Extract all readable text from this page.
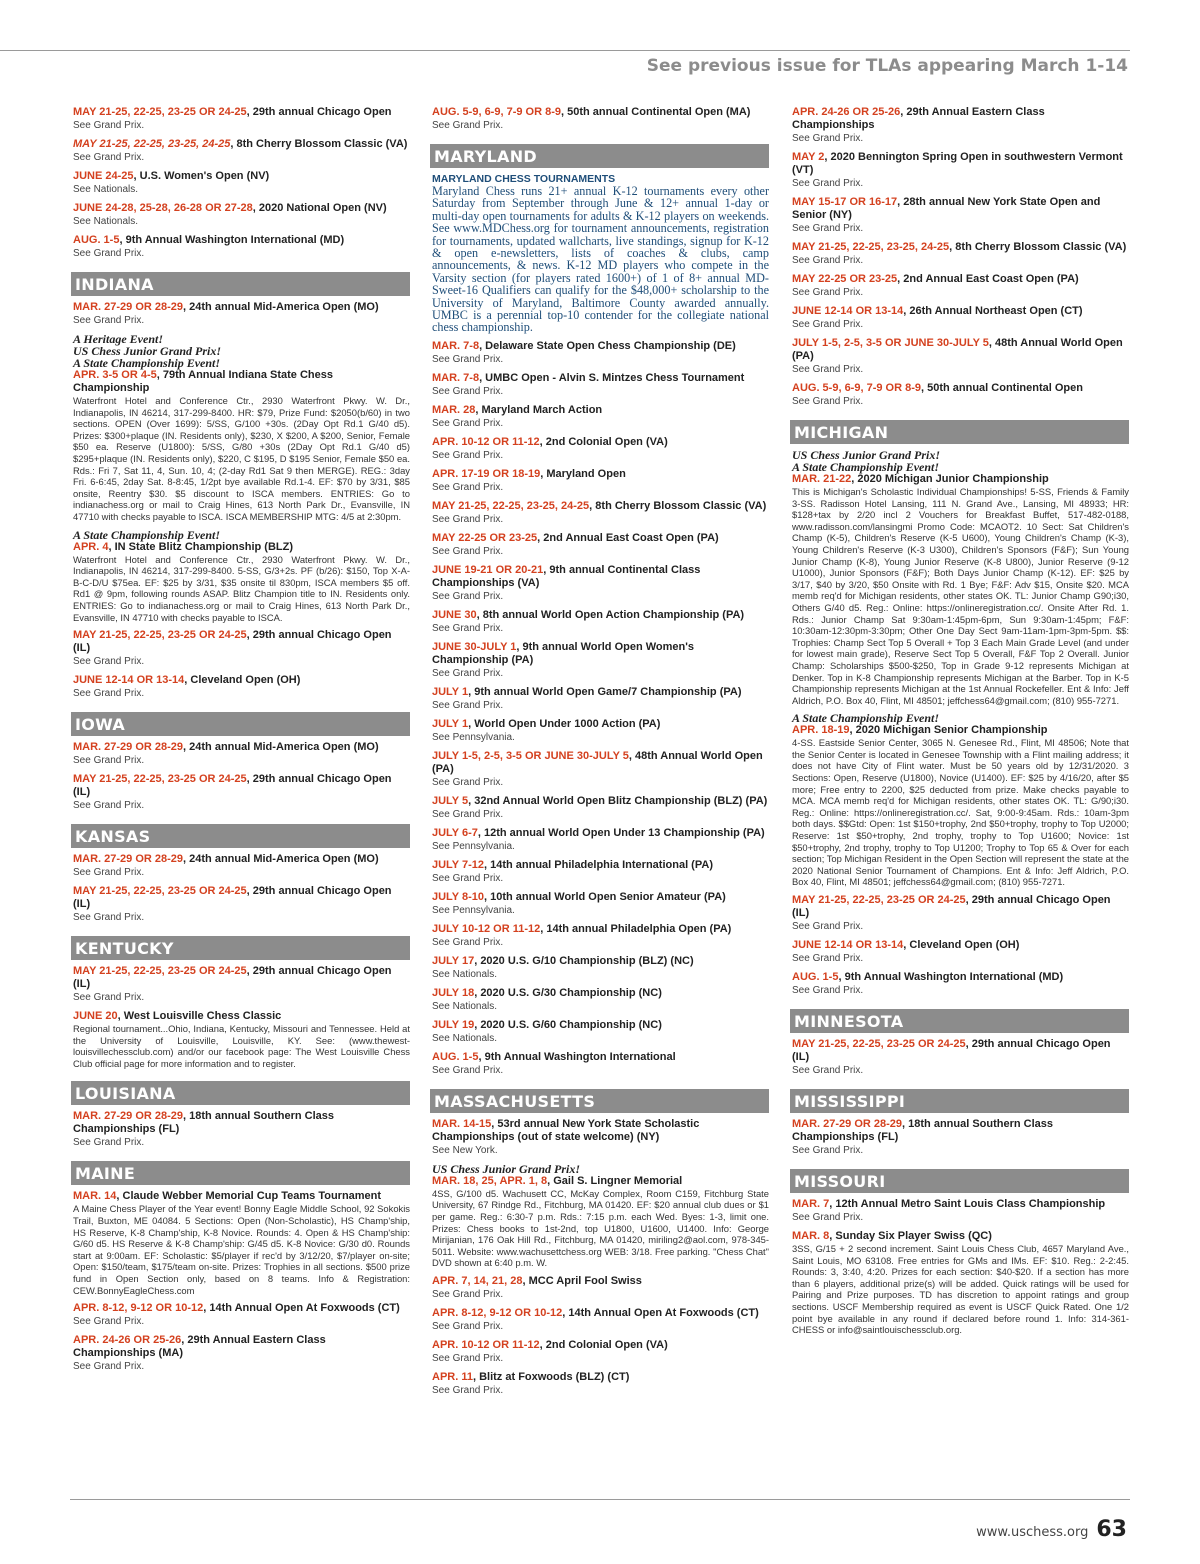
See previous issue for TLAs appearing March 1-14
MAY 21-25, 22-25, 23-25 OR 24-25, 29th annual Chicago Open
See Grand Prix.
MAY 21-25, 22-25, 23-25, 24-25, 8th Cherry Blossom Classic (VA)
See Grand Prix.
JUNE 24-25, U.S. Women's Open (NV)
See Nationals.
JUNE 24-28, 25-28, 26-28 OR 27-28, 2020 National Open (NV)
See Nationals.
AUG. 1-5, 9th Annual Washington International (MD)
See Grand Prix.
INDIANA
MAR. 27-29 OR 28-29, 24th annual Mid-America Open (MO)
See Grand Prix.
A Heritage Event!
US Chess Junior Grand Prix!
A State Championship Event!
APR. 3-5 OR 4-5, 79th Annual Indiana State Chess Championship
Waterfront Hotel and Conference Ctr., 2930 Waterfront Pkwy. W. Dr., Indianapolis, IN 46214, 317-299-8400. HR: $79, Prize Fund: $2050(b/60) in two sections. OPEN (Over 1699): 5/SS, G/100 +30s. (2Day Opt Rd.1 G/40 d5). Prizes: $300+plaque (IN. Residents only), $230, X $200, A $200, Senior, Female $50 ea. Reserve (U1800): 5/SS, G/80 +30s (2Day Opt Rd.1 G/40 d5) $295+plaque (IN. Residents only), $220, C $195, D $195 Senior, Female $50 ea. Rds.: Fri 7, Sat 11, 4, Sun. 10, 4; (2-day Rd1 Sat 9 then MERGE). REG.: 3day Fri. 6-6:45, 2day Sat. 8-8:45, 1/2pt bye available Rd.1-4. EF: $70 by 3/31, $85 onsite, Reentry $30. $5 discount to ISCA members. ENTRIES: Go to indianachess.org or mail to Craig Hines, 613 North Park Dr., Evansville, IN 47710 with checks payable to ISCA. ISCA MEMBERSHIP MTG: 4/5 at 2:30pm.
A State Championship Event!
APR. 4, IN State Blitz Championship (BLZ)
Waterfront Hotel and Conference Ctr., 2930 Waterfront Pkwy. W. Dr., Indianapolis, IN 46214, 317-299-8400. 5-SS, G/3+2s. PF (b/26): $150, Top X-A-B-C-D/U $75ea. EF: $25 by 3/31, $35 onsite til 830pm, ISCA members $5 off. Rd1 @ 9pm, following rounds ASAP. Blitz Champion title to IN. Residents only. ENTRIES: Go to indianachess.org or mail to Craig Hines, 613 North Park Dr., Evansville, IN 47710 with checks payable to ISCA.
MAY 21-25, 22-25, 23-25 OR 24-25, 29th annual Chicago Open (IL)
See Grand Prix.
JUNE 12-14 OR 13-14, Cleveland Open (OH)
See Grand Prix.
IOWA
MAR. 27-29 OR 28-29, 24th annual Mid-America Open (MO)
See Grand Prix.
MAY 21-25, 22-25, 23-25 OR 24-25, 29th annual Chicago Open (IL)
See Grand Prix.
KANSAS
MAR. 27-29 OR 28-29, 24th annual Mid-America Open (MO)
See Grand Prix.
MAY 21-25, 22-25, 23-25 OR 24-25, 29th annual Chicago Open (IL)
See Grand Prix.
KENTUCKY
MAY 21-25, 22-25, 23-25 OR 24-25, 29th annual Chicago Open (IL)
See Grand Prix.
JUNE 20, West Louisville Chess Classic
Regional tournament...Ohio, Indiana, Kentucky, Missouri and Tennessee. Held at the University of Louisville, Louisville, KY. See: (www.thewest-louisvillechessclub.com) and/or our facebook page: The West Louisville Chess Club official page for more information and to register.
LOUISIANA
MAR. 27-29 OR 28-29, 18th annual Southern Class Championships (FL)
See Grand Prix.
MAINE
MAR. 14, Claude Webber Memorial Cup Teams Tournament
A Maine Chess Player of the Year event! Bonny Eagle Middle School, 92 Sokokis Trail, Buxton, ME 04084. 5 Sections: Open (Non-Scholastic), HS Champ'ship, HS Reserve, K-8 Champ'ship, K-8 Novice. Rounds: 4. Open & HS Champ'ship: G/60 d5. HS Reserve & K-8 Champ'ship: G/45 d5. K-8 Novice: G/30 d0. Rounds start at 9:00am. EF: Scholastic: $5/player if rec'd by 3/12/20, $7/player on-site; Open: $150/team, $175/team on-site. Prizes: Trophies in all sections. $500 prize fund in Open Section only, based on 8 teams. Info & Registration: CEW.BonnyEagleChess.com
APR. 8-12, 9-12 OR 10-12, 14th Annual Open At Foxwoods (CT)
See Grand Prix.
APR. 24-26 OR 25-26, 29th Annual Eastern Class Championships (MA)
See Grand Prix.
AUG. 5-9, 6-9, 7-9 OR 8-9, 50th annual Continental Open (MA)
See Grand Prix.
MARYLAND
MARYLAND CHESS TOURNAMENTS
Maryland Chess runs 21+ annual K-12 tournaments every other Saturday from September through June & 12+ annual 1-day or multi-day open tournaments for adults & K-12 players on weekends. See www.MDChess.org for tournament announcements, registration for tournaments, updated wallcharts, live standings, signup for K-12 & open e-newsletters, lists of coaches & clubs, camp announcements, & news. K-12 MD players who compete in the Varsity section (for players rated 1600+) of 1 of 8+ annual MD-Sweet-16 Qualifiers can qualify for the $48,000+ scholarship to the University of Maryland, Baltimore County awarded annually. UMBC is a perennial top-10 contender for the collegiate national chess championship.
MAR. 7-8, Delaware State Open Chess Championship (DE)
See Grand Prix.
MAR. 7-8, UMBC Open - Alvin S. Mintzes Chess Tournament
See Grand Prix.
MAR. 28, Maryland March Action
See Grand Prix.
APR. 10-12 OR 11-12, 2nd Colonial Open (VA)
See Grand Prix.
APR. 17-19 OR 18-19, Maryland Open
See Grand Prix.
MAY 21-25, 22-25, 23-25, 24-25, 8th Cherry Blossom Classic (VA)
See Grand Prix.
MAY 22-25 OR 23-25, 2nd Annual East Coast Open (PA)
See Grand Prix.
JUNE 19-21 OR 20-21, 9th annual Continental Class Championships (VA)
See Grand Prix.
JUNE 30, 8th annual World Open Action Championship (PA)
See Grand Prix.
JUNE 30-JULY 1, 9th annual World Open Women's Championship (PA)
See Grand Prix.
JULY 1, 9th annual World Open Game/7 Championship (PA)
See Grand Prix.
JULY 1, World Open Under 1000 Action (PA)
See Pennsylvania.
JULY 1-5, 2-5, 3-5 OR JUNE 30-JULY 5, 48th Annual World Open (PA)
See Grand Prix.
JULY 5, 32nd Annual World Open Blitz Championship (BLZ) (PA)
See Grand Prix.
JULY 6-7, 12th annual World Open Under 13 Championship (PA)
See Pennsylvania.
JULY 7-12, 14th annual Philadelphia International (PA)
See Grand Prix.
JULY 8-10, 10th annual World Open Senior Amateur (PA)
See Pennsylvania.
JULY 10-12 OR 11-12, 14th annual Philadelphia Open (PA)
See Grand Prix.
JULY 17, 2020 U.S. G/10 Championship (BLZ) (NC)
See Nationals.
JULY 18, 2020 U.S. G/30 Championship (NC)
See Nationals.
JULY 19, 2020 U.S. G/60 Championship (NC)
See Nationals.
AUG. 1-5, 9th Annual Washington International
See Grand Prix.
MASSACHUSETTS
MAR. 14-15, 53rd annual New York State Scholastic Championships (out of state welcome) (NY)
See New York.
US Chess Junior Grand Prix!
MAR. 18, 25, APR. 1, 8, Gail S. Lingner Memorial
4SS, G/100 d5. Wachusett CC, McKay Complex, Room C159, Fitchburg State University, 67 Rindge Rd., Fitchburg, MA 01420. EF: $20 annual club dues or $1 per game. Reg.: 6:30-7 p.m. Rds.: 7:15 p.m. each Wed. Byes: 1-3, limit one. Prizes: Chess books to 1st-2nd, top U1800, U1600, U1400. Info: George Mirijanian, 176 Oak Hill Rd., Fitchburg, MA 01420, miriling2@aol.com, 978-345-5011. Website: www.wachusettchess.org WEB: 3/18. Free parking. "Chess Chat" DVD shown at 6:40 p.m. W.
APR. 7, 14, 21, 28, MCC April Fool Swiss
See Grand Prix.
APR. 8-12, 9-12 OR 10-12, 14th Annual Open At Foxwoods (CT)
See Grand Prix.
APR. 10-12 OR 11-12, 2nd Colonial Open (VA)
See Grand Prix.
APR. 11, Blitz at Foxwoods (BLZ) (CT)
See Grand Prix.
APR. 24-26 OR 25-26, 29th Annual Eastern Class Championships
See Grand Prix.
MAY 2, 2020 Bennington Spring Open in southwestern Vermont (VT)
See Grand Prix.
MAY 15-17 OR 16-17, 28th annual New York State Open and Senior (NY)
See Grand Prix.
MAY 21-25, 22-25, 23-25, 24-25, 8th Cherry Blossom Classic (VA)
See Grand Prix.
MAY 22-25 OR 23-25, 2nd Annual East Coast Open (PA)
See Grand Prix.
JUNE 12-14 OR 13-14, 26th Annual Northeast Open (CT)
See Grand Prix.
JULY 1-5, 2-5, 3-5 OR JUNE 30-JULY 5, 48th Annual World Open (PA)
See Grand Prix.
AUG. 5-9, 6-9, 7-9 OR 8-9, 50th annual Continental Open
See Grand Prix.
MICHIGAN
US Chess Junior Grand Prix!
A State Championship Event!
MAR. 21-22, 2020 Michigan Junior Championship
This is Michigan's Scholastic Individual Championships! 5-SS, Friends & Family 3-SS. Radisson Hotel Lansing, 111 N. Grand Ave., Lansing, MI 48933; HR: $128+tax by 2/20 incl 2 Vouchers for Breakfast Buffet, 517-482-0188, www.radisson.com/lansingmi Promo Code: MCAOT2. 10 Sect: Sat Children's Champ (K-5), Children's Reserve (K-5 U600), Young Children's Champ (K-3), Young Children's Reserve (K-3 U300), Children's Sponsors (F&F); Sun Young Junior Champ (K-8), Young Junior Reserve (K-8 U800), Junior Reserve (9-12 U1000), Junior Sponsors (F&F); Both Days Junior Champ (K-12). EF: $25 by 3/17, $40 by 3/20, $50 Onsite with Rd. 1 Bye; F&F: Adv $15, Onsite $20. MCA memb req'd for Michigan residents, other states OK. TL: Junior Champ G90;i30, Others G/40 d5. Reg.: Online: https://onlineregistration.cc/. Onsite After Rd. 1. Rds.: Junior Champ Sat 9:30am-1:45pm-6pm, Sun 9:30am-1:45pm; F&F: 10:30am-12:30pm-3:30pm; Other One Day Sect 9am-11am-1pm-3pm-5pm. $$: Trophies: Champ Sect Top 5 Overall + Top 3 Each Main Grade Level (and under for lowest main grade), Reserve Sect Top 5 Overall, F&F Top 2 Overall. Junior Champ: Scholarships $500-$250, Top in Grade 9-12 represents Michigan at Denker. Top in K-8 Championship represents Michigan at the Barber. Top in K-5 Championship represents Michigan at the 1st Annual Rockefeller. Ent & Info: Jeff Aldrich, P.O. Box 40, Flint, MI 48501; jeffchess64@gmail.com; (810) 955-7271.
A State Championship Event!
APR. 18-19, 2020 Michigan Senior Championship
4-SS. Eastside Senior Center, 3065 N. Genesee Rd., Flint, MI 48506; Note that the Senior Center is located in Genesee Township with a Flint mailing address; it does not have City of Flint water. Must be 50 years old by 12/31/2020. 3 Sections: Open, Reserve (U1800), Novice (U1400). EF: $25 by 4/16/20, after $5 more; Free entry to 2200, $25 deducted from prize. Make checks payable to MCA. MCA memb req'd for Michigan residents, other states OK. TL: G/90;i30. Reg.: Online: https://onlineregistration.cc/. Sat, 9:00-9:45am. Rds.: 10am-3pm both days. $$Gtd: Open: 1st $150+trophy, 2nd $50+trophy, trophy to Top U2000; Reserve: 1st $50+trophy, 2nd trophy, trophy to Top U1600; Novice: 1st $50+trophy, 2nd trophy, trophy to Top U1200; Trophy to Top 65 & Over for each section; Top Michigan Resident in the Open Section will represent the state at the 2020 National Senior Tournament of Champions. Ent & Info: Jeff Aldrich, P.O. Box 40, Flint, MI 48501; jeffchess64@gmail.com; (810) 955-7271.
MAY 21-25, 22-25, 23-25 OR 24-25, 29th annual Chicago Open (IL)
See Grand Prix.
JUNE 12-14 OR 13-14, Cleveland Open (OH)
See Grand Prix.
AUG. 1-5, 9th Annual Washington International (MD)
See Grand Prix.
MINNESOTA
MAY 21-25, 22-25, 23-25 OR 24-25, 29th annual Chicago Open (IL)
See Grand Prix.
MISSISSIPPI
MAR. 27-29 OR 28-29, 18th annual Southern Class Championships (FL)
See Grand Prix.
MISSOURI
MAR. 7, 12th Annual Metro Saint Louis Class Championship
See Grand Prix.
MAR. 8, Sunday Six Player Swiss (QC)
3SS, G/15 + 2 second increment. Saint Louis Chess Club, 4657 Maryland Ave., Saint Louis, MO 63108. Free entries for GMs and IMs. EF: $10. Reg.: 2-2:45. Rounds: 3, 3:40, 4:20. Prizes for each section: $40-$20. If a section has more than 6 players, additional prize(s) will be added. Quick ratings will be used for Pairing and Prize purposes. TD has discretion to appoint ratings and group sections. USCF Membership required as event is USCF Quick Rated. One 1/2 point bye available in any round if declared before round 1. Info: 314-361-CHESS or info@saintlouischessclub.org.
www.uschess.org 63
